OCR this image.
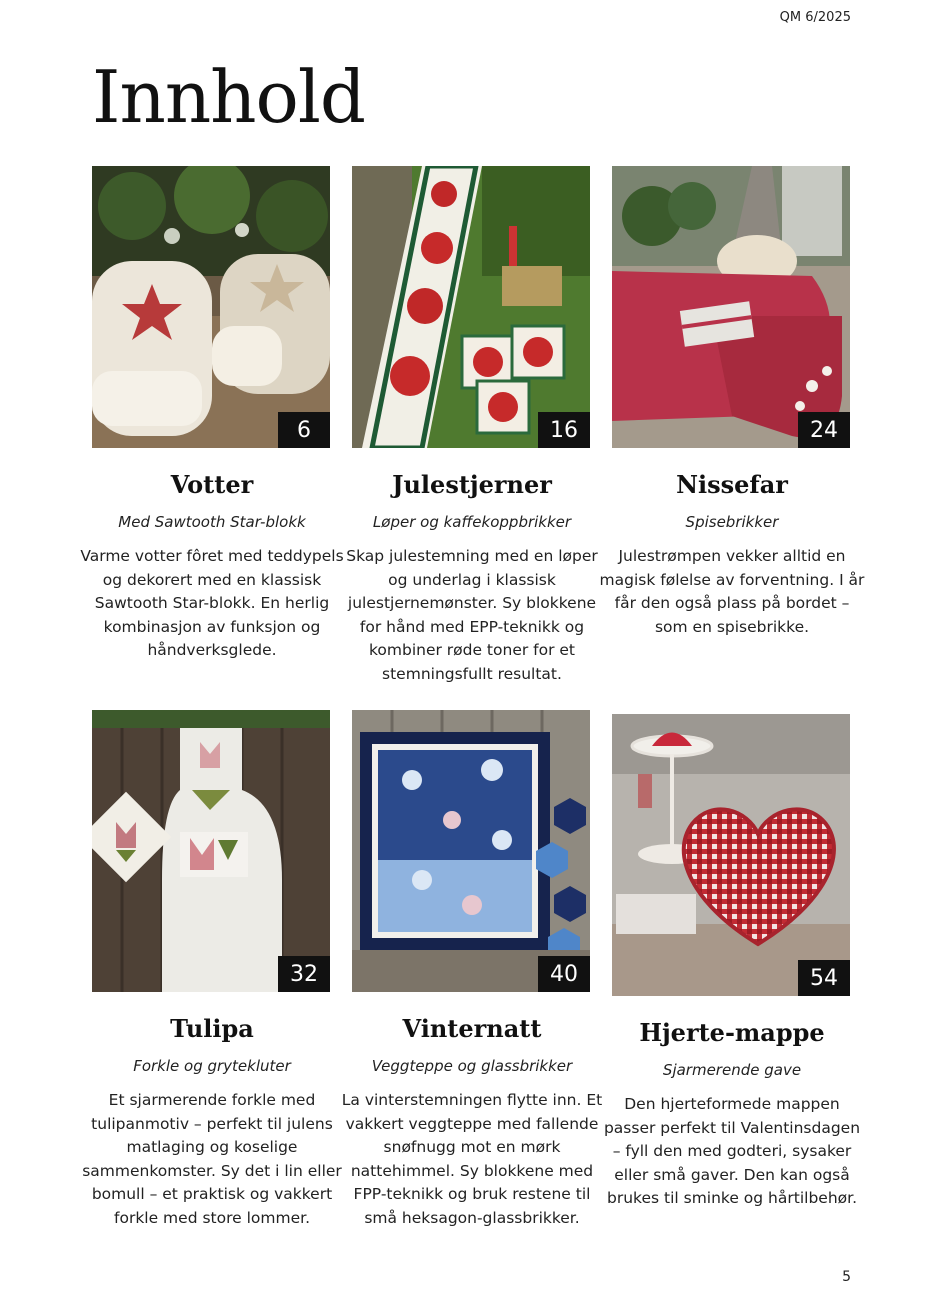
QM 6/2025
Innhold
6
Votter
Med Sawtooth Star-blokk
Varme votter fôret med teddypels og dekorert med en klassisk Sawtooth Star-blokk. En herlig kombinasjon av funksjon og håndverksglede.
16
Julestjerner
Løper og kaffekoppbrikker
Skap julestemning med en løper og underlag i klassisk julestjernemønster. Sy blokkene for hånd med EPP-teknikk og kombiner røde toner for et stemningsfullt resultat.
24
Nissefar
Spisebrikker
Julestrømpen vekker alltid en magisk følelse av forventning. I år får den også plass på bordet – som en spisebrikke.
32
Tulipa
Forkle og grytekluter
Et sjarmerende forkle med tulipanmotiv – perfekt til julens matlaging og koselige sammenkomster. Sy det i lin eller bomull – et praktisk og vakkert forkle med store lommer.
40
Vinternatt
Veggteppe og glassbrikker
La vinterstemningen flytte inn. Et vakkert veggteppe med fallende snøfnugg mot en mørk nattehimmel. Sy blokkene med FPP-teknikk og bruk restene til små heksagon-glassbrikker.
54
Hjerte-mappe
Sjarmerende gave
Den hjerteformede mappen passer perfekt til Valentinsdagen – fyll den med godteri, sysaker eller små gaver. Den kan også brukes til sminke og hårtilbehør.
5
